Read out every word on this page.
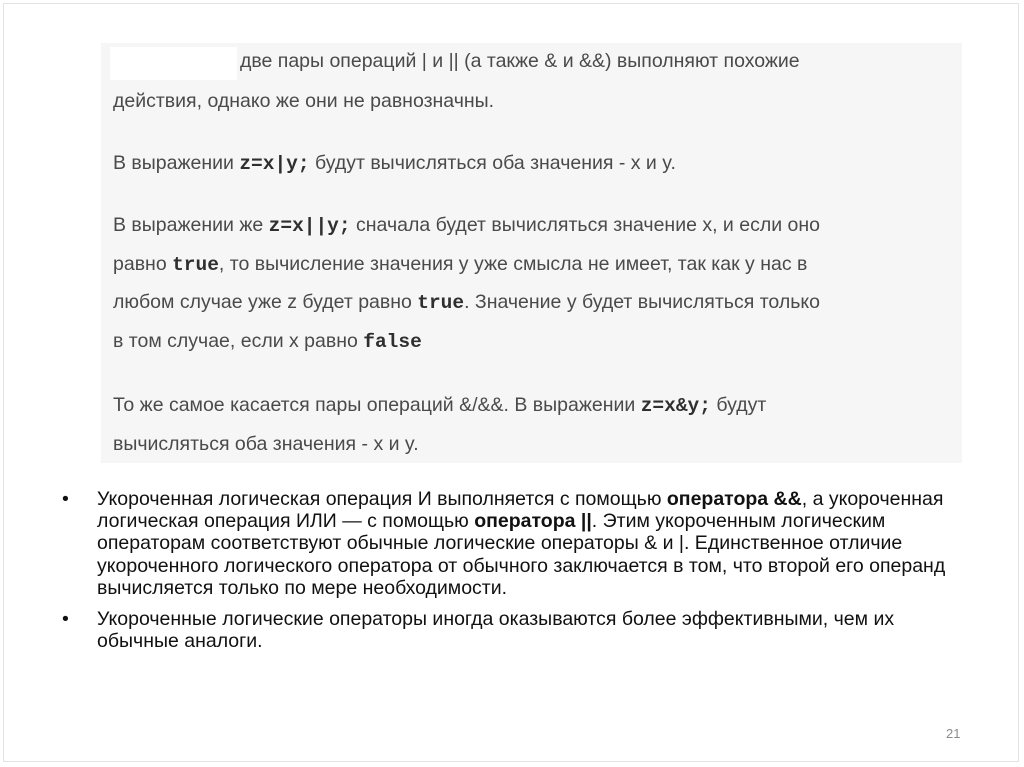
две пары операций | и || (а также & и &&) выполняют похожие
действия, однако же они не равнозначны.
В выражении z=x|y; будут вычисляться оба значения - x и y.
В выражении же z=x||y; сначала будет вычисляться значение x, и если оно
равно true, то вычисление значения y уже смысла не имеет, так как у нас в
любом случае уже z будет равно true. Значение y будет вычисляться только
в том случае, если x равно false
То же самое касается пары операций &/&&. В выражении z=x&y; будут
вычисляться оба значения - x и y.
• Укороченная логическая операция И выполняется с помощью оператора &&, а укороченная логическая операция ИЛИ — с помощью оператора ||. Этим укороченным логическим операторам соответствуют обычные логические операторы & и |. Единственное отличие укороченного логического оператора от обычного заключается в том, что второй его операнд вычисляется только по мере необходимости.
• Укороченные логические операторы иногда оказываются более эффективными, чем их обычные аналоги.
21
